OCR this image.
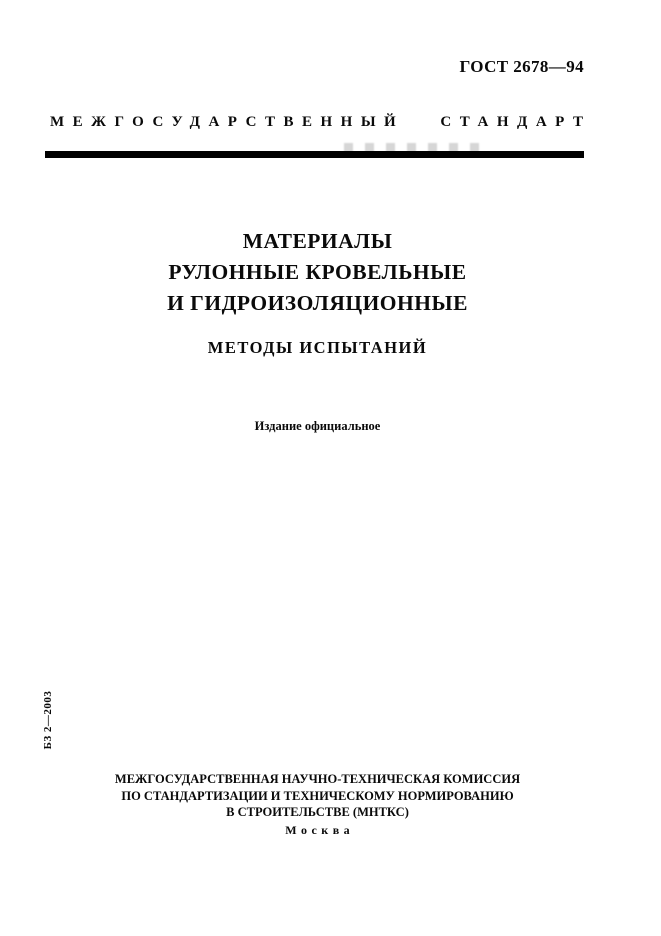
ГОСТ 2678—94
МЕЖГОСУДАРСТВЕННЫЙ СТАНДАРТ
МАТЕРИАЛЫ
РУЛОННЫЕ КРОВЕЛЬНЫЕ
И ГИДРОИЗОЛЯЦИОННЫЕ
МЕТОДЫ ИСПЫТАНИЙ
Издание официальное
БЗ 2—2003
МЕЖГОСУДАРСТВЕННАЯ НАУЧНО-ТЕХНИЧЕСКАЯ КОМИССИЯ
ПО СТАНДАРТИЗАЦИИ И ТЕХНИЧЕСКОМУ НОРМИРОВАНИЮ
В СТРОИТЕЛЬСТВЕ (МНТКС)
Москва
